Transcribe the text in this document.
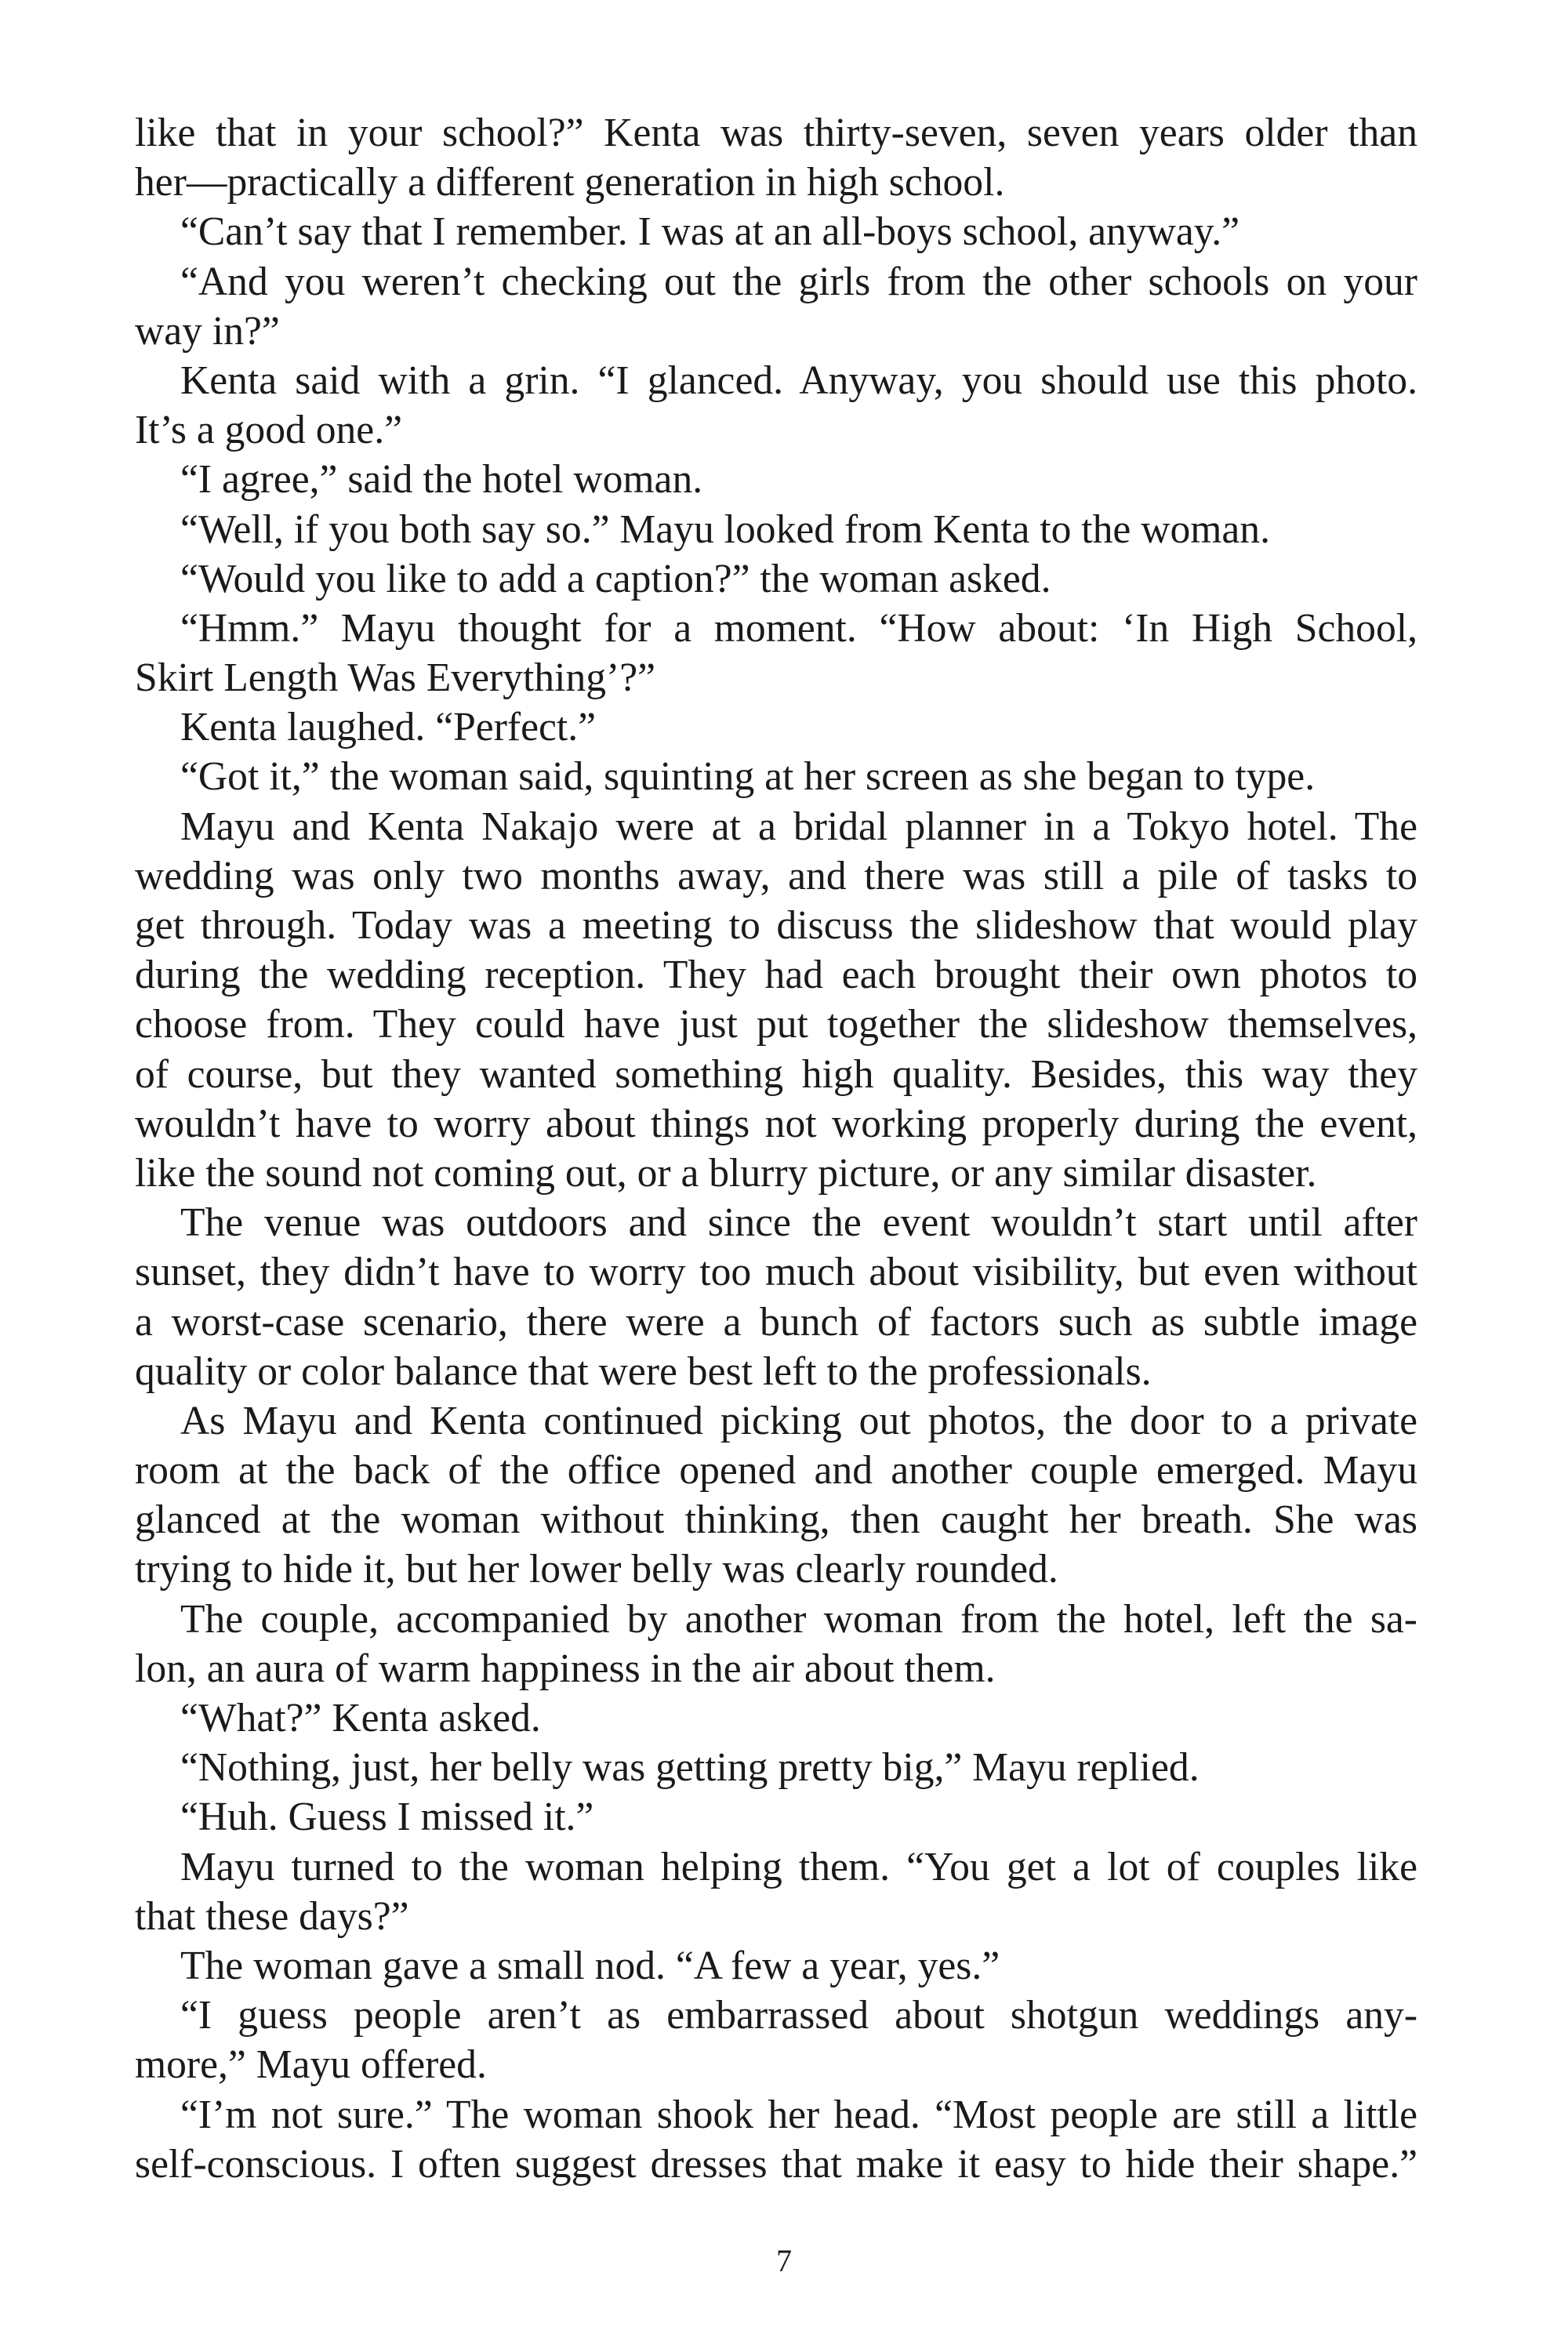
like that in your school?” Kenta was thirty-seven, seven years older than
her—practically a different generation in high school.
“Can’t say that I remember. I was at an all-boys school, anyway.”
“And you weren’t checking out the girls from the other schools on your
way in?”
Kenta said with a grin. “I glanced. Anyway, you should use this photo.
It’s a good one.”
“I agree,” said the hotel woman.
“Well, if you both say so.” Mayu looked from Kenta to the woman.
“Would you like to add a caption?” the woman asked.
“Hmm.” Mayu thought for a moment. “How about: ‘In High School,
Skirt Length Was Everything’?”
Kenta laughed. “Perfect.”
“Got it,” the woman said, squinting at her screen as she began to type.
Mayu and Kenta Nakajo were at a bridal planner in a Tokyo hotel. The
wedding was only two months away, and there was still a pile of tasks to
get through. Today was a meeting to discuss the slideshow that would play
during the wedding reception. They had each brought their own photos to
choose from. They could have just put together the slideshow themselves,
of course, but they wanted something high quality. Besides, this way they
wouldn’t have to worry about things not working properly during the event,
like the sound not coming out, or a blurry picture, or any similar disaster.
The venue was outdoors and since the event wouldn’t start until after
sunset, they didn’t have to worry too much about visibility, but even without
a worst-case scenario, there were a bunch of factors such as subtle image
quality or color balance that were best left to the professionals.
As Mayu and Kenta continued picking out photos, the door to a private
room at the back of the office opened and another couple emerged. Mayu
glanced at the woman without thinking, then caught her breath. She was
trying to hide it, but her lower belly was clearly rounded.
The couple, accompanied by another woman from the hotel, left the sa-
lon, an aura of warm happiness in the air about them.
“What?” Kenta asked.
“Nothing, just, her belly was getting pretty big,” Mayu replied.
“Huh. Guess I missed it.”
Mayu turned to the woman helping them. “You get a lot of couples like
that these days?”
The woman gave a small nod. “A few a year, yes.”
“I guess people aren’t as embarrassed about shotgun weddings any-
more,” Mayu offered.
“I’m not sure.” The woman shook her head. “Most people are still a little
self-conscious. I often suggest dresses that make it easy to hide their shape.”
7
